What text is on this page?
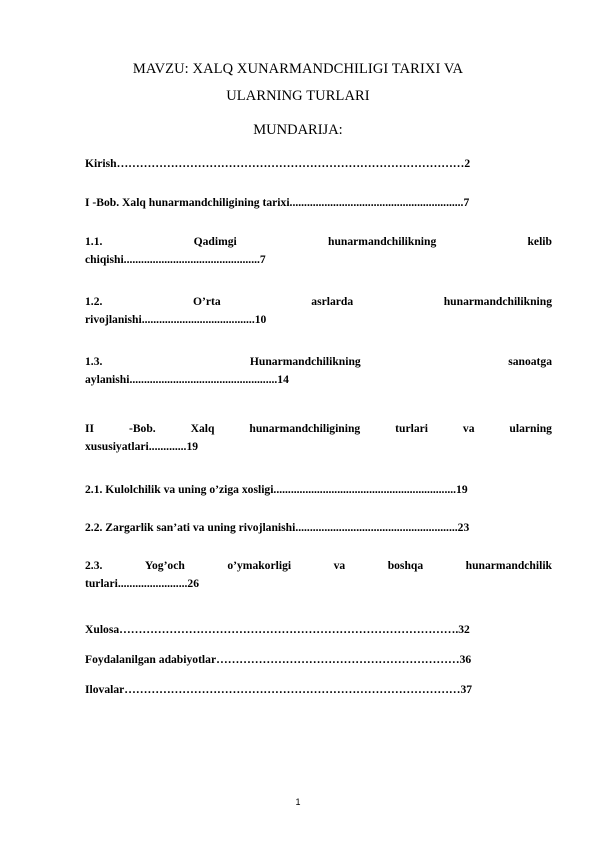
MAVZU: XALQ XUNARMANDCHILIGI TARIXI VA
ULARNING TURLARI
MUNDARIJA:
Kirish………………………………………………………………………………2
I -Bob. Xalq hunarmandchiligining tarixi............................................................7
1.1.	Qadimgi	hunarmandchilikning	kelib
chiqishi...............................................7
1.2.	O’rta	asrlarda	hunarmandchilikning
rivojlanishi.......................................10
1.3.	Hunarmandchilikning	sanoatga
aylanishi...................................................14
II	-Bob.	Xalq	hunarmandchiligining	turlari	va	ularning
xususiyatlari.............19
2.1. Kulolchilik va uning o’ziga xosligi...............................................................19
2.2. Zargarlik san’ati va uning rivojlanishi........................................................23
2.3.	Yog’och	o’ymakorligi	va	boshqa	hunarmandchilik
turlari........................26
Xulosa…………………………………………………………………………….32
Foydalanilgan adabiyotlar………………………………………………………36
Ilovalar……………………………………………………………………………37
1
